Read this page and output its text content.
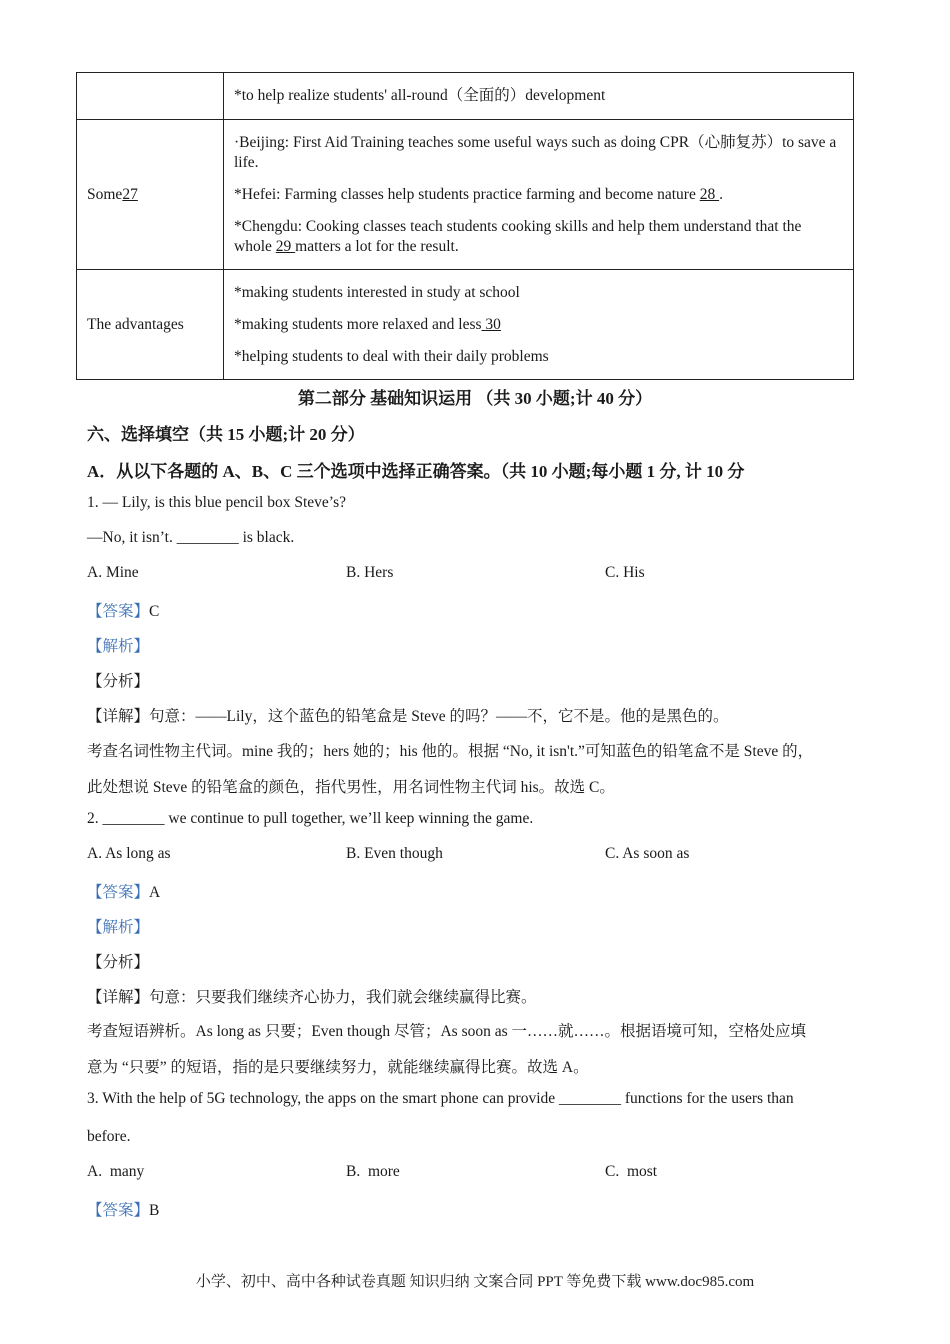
	*to help realize students' all-round（全面的）development

Some27	·Beijing: First Aid Training teaches some useful ways such as doing CPR（心肺复苏）to save a life.

*Hefei: Farming classes help students practice farming and become nature 28 .

*Chengdu: Cooking classes teach students cooking skills and help them understand that the whole 29 matters a lot for the result.

The advantages	*making students interested in study at school

*making students more relaxed and less 30

*helping students to deal with their daily problems

第二部分 基础知识运用 （共 30 小题;计 40 分）
六、选择填空（共 15 小题;计 20 分）
A．从以下各题的 A、B、C 三个选项中选择正确答案。（共 10 小题;每小题 1 分, 计 10 分
1. — Lily, is this blue pencil box Steve’s?
—No, it isn’t. ________ is black.
A. Mine	B. Hers	C. His
【答案】C
【解析】
【分析】
【详解】句意：——Lily，这个蓝色的铅笔盒是 Steve 的吗？——不，它不是。他的是黑色的。
考查名词性物主代词。mine 我的；hers 她的；his 他的。根据 “No, it isn't.”可知蓝色的铅笔盒不是 Steve 的，
此处想说 Steve 的铅笔盒的颜色，指代男性，用名词性物主代词 his。故选 C。
2. ________ we continue to pull together, we’ll keep winning the game.
A. As long as	B. Even though	C. As soon as
【答案】A
【解析】
【分析】
【详解】句意：只要我们继续齐心协力，我们就会继续赢得比赛。
考查短语辨析。As long as 只要；Even though 尽管；As soon as 一……就……。根据语境可知，空格处应填
意为 “只要” 的短语，指的是只要继续努力，就能继续赢得比赛。故选 A。
3. With the help of 5G technology, the apps on the smart phone can provide ________ functions for the users than
before.
A. many	B. more	C. most
【答案】B
小学、初中、高中各种试卷真题 知识归纳 文案合同 PPT 等免费下载 www.doc985.com
